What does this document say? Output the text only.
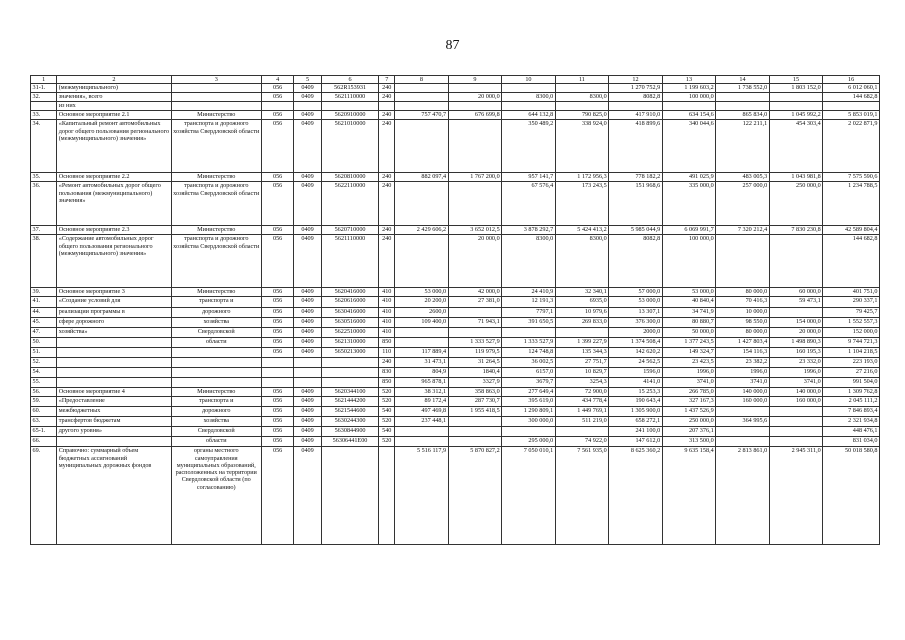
87
1	2	3	4	5	6	7	8	9	10	11	12	13	14	15	16
31-1.	(межмуниципального)		056	0409	562R153931	240					1 270 752,9	1 199 603,2	1 738 552,0	1 803 152,0	6 012 060,1
32.	значения», всего		056	0409	5621110000	240		20 000,0	8300,0	8300,0	8082,8	100 000,0			144 682,8
	из них														
33.	Основное мероприятие 2.1	Министерство	056	0409	5620910000	240	757 470,7	676 699,8	644 132,8	790 825,0	417 910,0	634 154,6	865 834,0	1 045 992,2	5 853 019,1
34.	«Капитальный ремонт автомобильных дорог общего пользования регионального (межмуниципального) значения»	транспорта и дорожного хозяйства Свердловской области	056	0409	5621010000	240			350 489,2	338 924,0	418 899,6	340 044,6	122 211,1	454 303,4	2 022 871,9
35.	Основное мероприятие 2.2	Министерство	056	0409	5620810000	240	882 097,4	1 767 200,0	957 141,7	1 172 956,3	778 182,2	491 025,9	483 005,3	1 043 981,8	7 575 590,6
36.	«Ремонт автомобильных дорог общего пользования (межмуниципального) значения»	транспорта и дорожного хозяйства Свердловской области	056	0409	5622110000	240			67 576,4	173 243,5	151 968,6	335 000,0	257 000,0	250 000,0	1 234 788,5
37.	Основное мероприятие 2.3	Министерство	056	0409	5620710000	240	2 429 606,2	3 652 012,5	3 878 292,7	5 424 413,2	5 985 044,9	6 069 991,7	7 320 212,4	7 830 230,8	42 589 804,4
38.	«Содержание автомобильных дорог общего пользования регионального (межмуниципального) значения»	транспорта и дорожного хозяйства Свердловской области	056	0409	5621110000	240		20 000,0	8300,0	8300,0	8082,8	100 000,0			144 682,8
39.	Основное мероприятие 3	Министерство	056	0409	5620416000	410	53 000,0	42 000,0	24 410,9	32 340,1	57 000,0	53 000,0	80 000,0	60 000,0	401 751,0
41.	«Создание условий для	транспорта и	056	0409	5620616000	410	20 200,0	27 381,0	12 191,3	6935,0	53 000,0	40 840,4	70 416,3	59 473,1	290 337,1
44.	реализации программы в	дорожного	056	0409	5630416000	410	2600,0		7797,1	10 979,6	13 307,1	34 741,9	10 000,0		79 425,7
45.	сфере дорожного	хозяйства	056	0409	5630516000	410	109 400,0	71 943,1	391 650,5	269 833,0	376 300,0	80 880,7	98 550,0	154 000,0	1 552 557,3
47.	хозяйства»	Свердловской	056	0409	5622510000	410					2000,0	50 000,0	80 000,0	20 000,0	152 000,0
50.		области	056	0409	5621310000	850		1 333 527,9	1 333 527,9	1 399 227,9	1 374 508,4	1 377 243,5	1 427 803,4	1 498 890,3	9 744 721,3
51.			056	0409	5650213000	110	117 889,4	119 979,5	124 748,8	135 344,3	142 620,2	149 324,7	154 116,3	160 195,3	1 104 218,5
52.						240	31 473,1	31 264,5	36 002,5	27 751,7	24 562,5	23 423,5	23 382,2	23 332,0	223 193,0
54.						830	804,9	1840,4	6157,0	10 829,7	1596,0	1996,0	1996,0	1996,0	27 216,0
55.						850	965 878,1	3327,9	3679,7	3254,3	4141,0	3741,0	3741,0	3741,0	991 504,0
56.	Основное мероприятие 4	Министерство	056	0409	5620344100	520	38 312,1	358 863,0	277 649,4	72 900,0	15 253,3	266 785,0	140 000,0	140 000,0	1 309 762,8
59.	«Предоставление	транспорта и	056	0409	5621444200	520	89 172,4	287 730,7	395 619,0	434 778,4	190 643,4	327 167,3	160 000,0	160 000,0	2 045 111,2
60.	межбюджетных	дорожного	056	0409	5621544600	540	497 469,8	1 955 418,5	1 290 809,1	1 449 769,1	1 305 900,0	1 437 526,9			7 846 893,4
63.	трансфертов бюджетам	хозяйства	056	0409	5630244300	520	237 448,1		300 000,0	511 219,0	658 272,1	250 000,0	364 995,6		2 321 934,8
65-1.	другого уровня»	Свердловской	056	0409	5630844900	540					241 100,0	207 376,1			448 476,1
66.		области	056	0409	56306441Е00	520			295 000,0	74 922,0	147 612,0	313 500,0			831 034,0
69.	Справочно: суммарный объем бюджетных ассигнований муниципальных дорожных фондов	органы местного самоуправления муниципальных образований, расположенных на территории Свердловской области (по согласованию)	056	0409			5 516 117,9	5 870 827,2	7 050 010,1	7 561 935,0	8 625 360,2	9 635 158,4	2 813 861,0	2 945 311,0	50 018 580,8
